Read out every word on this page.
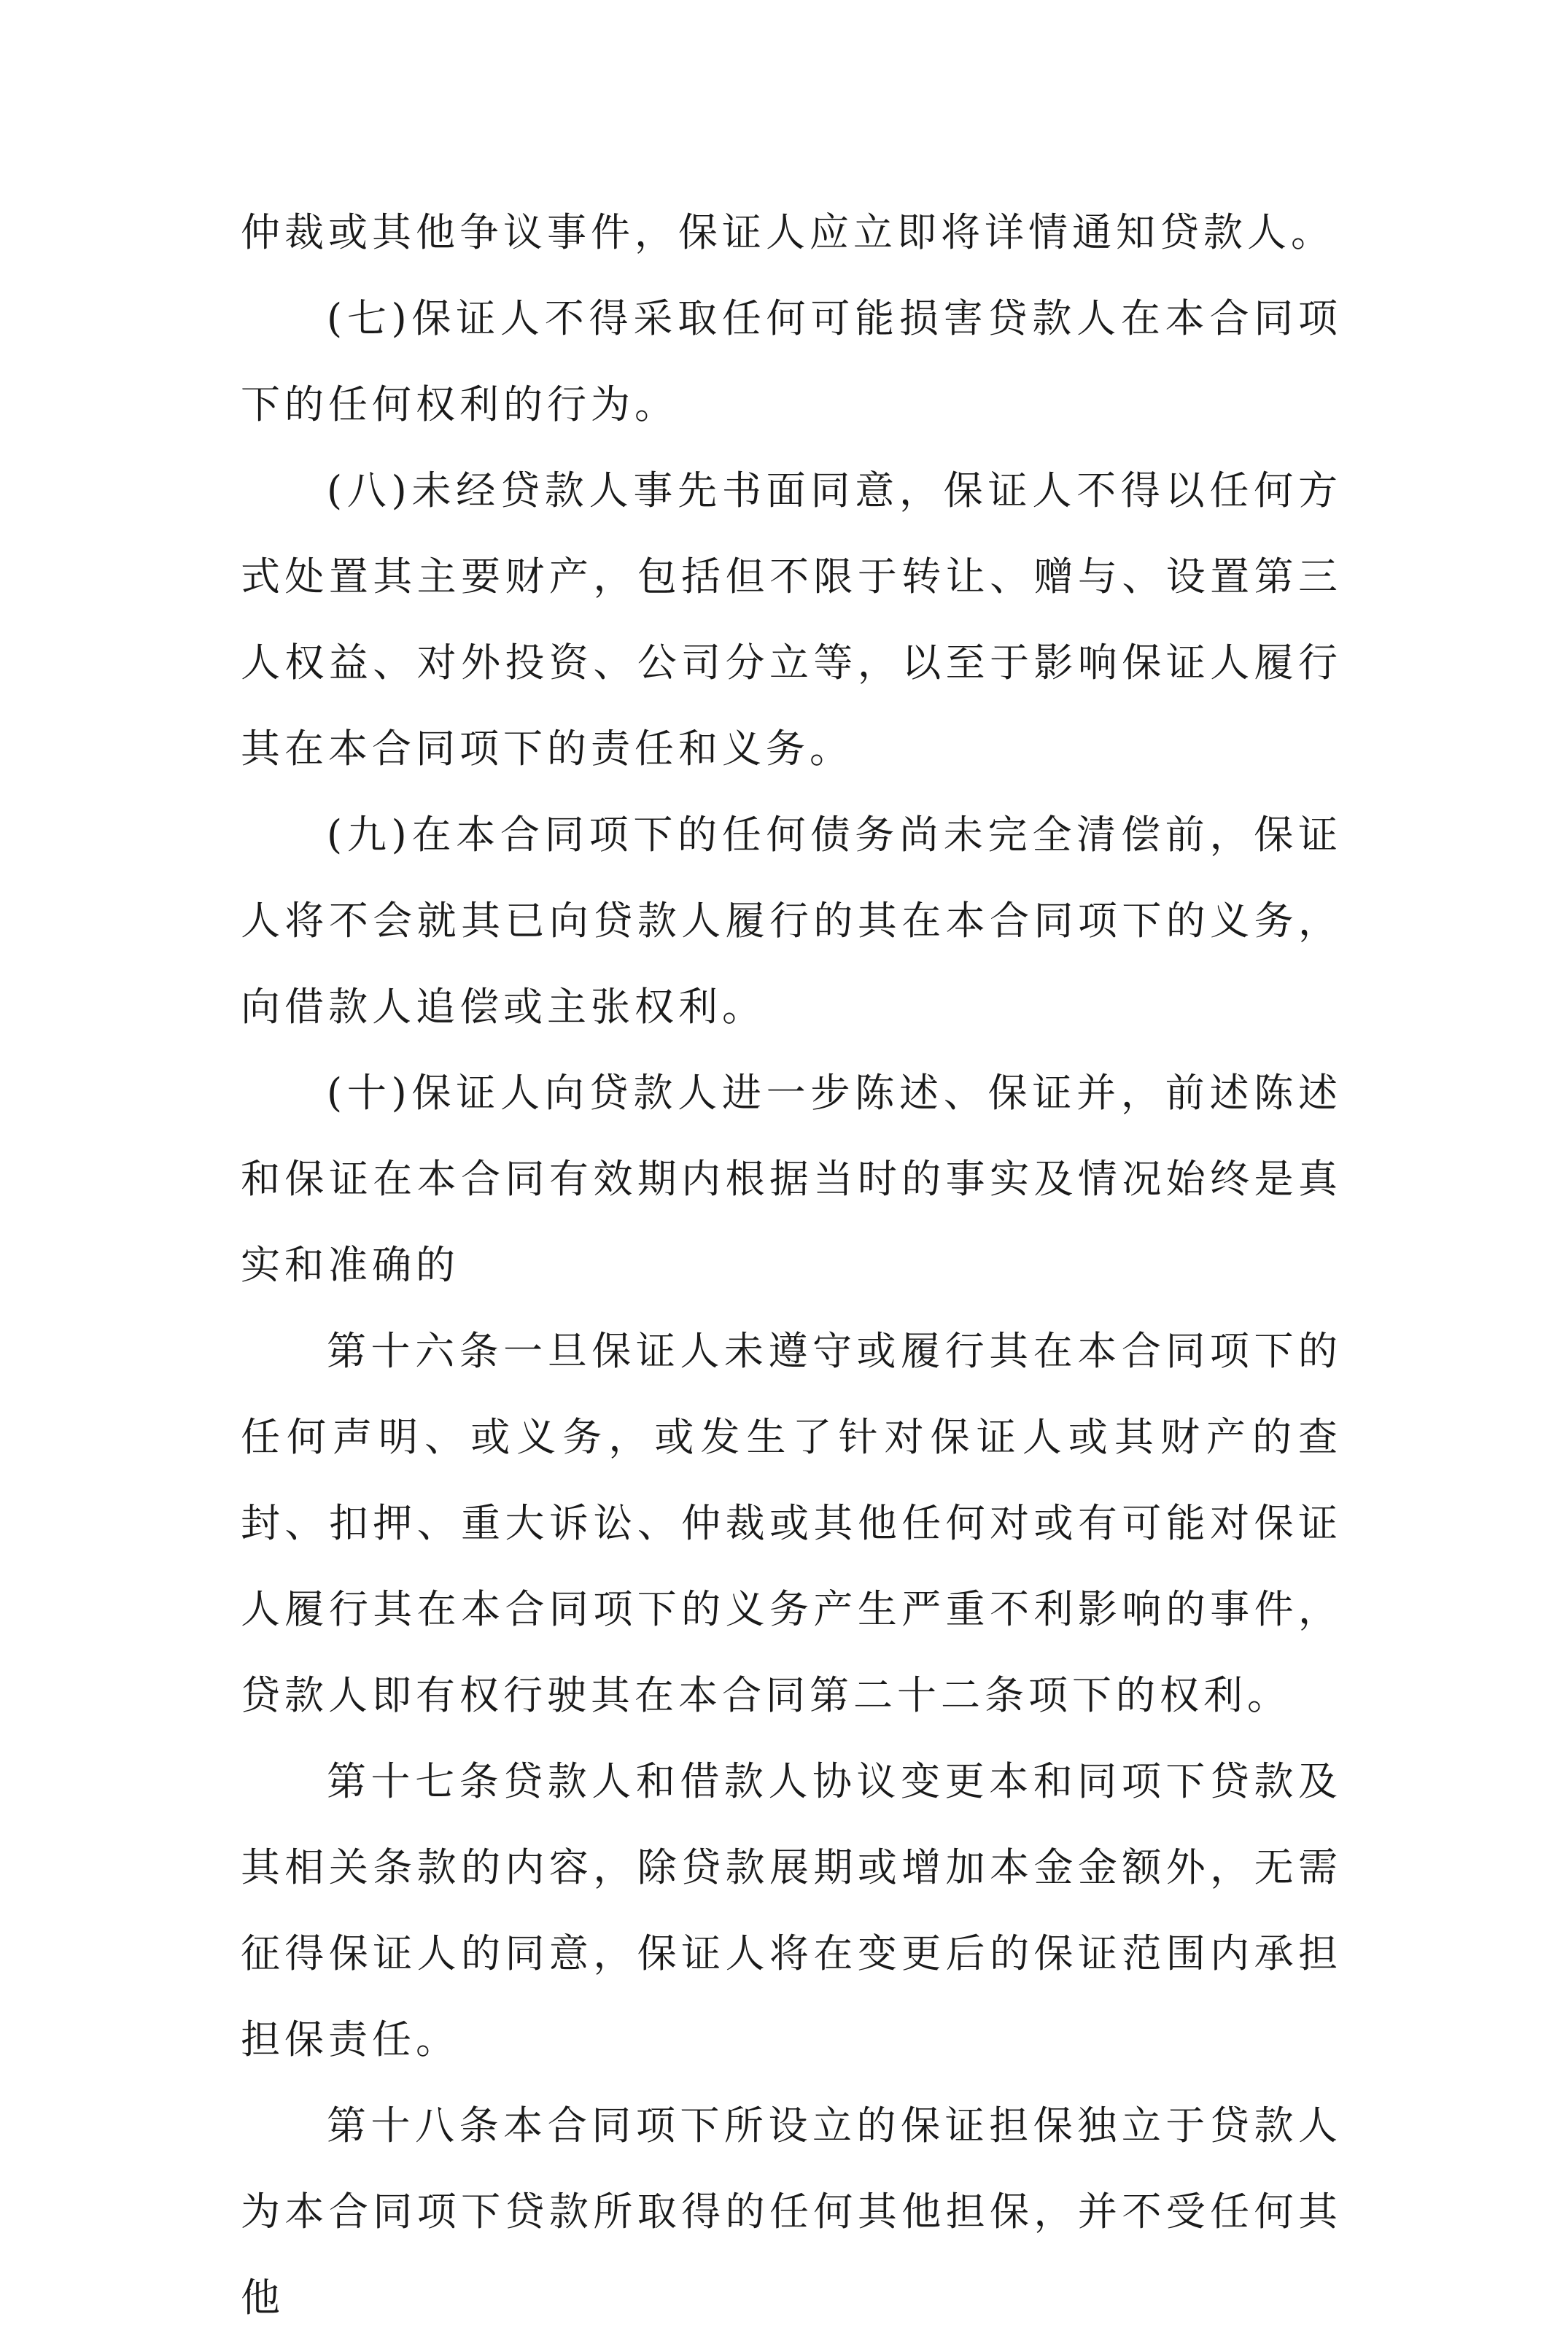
仲裁或其他争议事件，保证人应立即将详情通知贷款人。

(七)保证人不得采取任何可能损害贷款人在本合同项下的任何权利的行为。

(八)未经贷款人事先书面同意，保证人不得以任何方式处置其主要财产，包括但不限于转让、赠与、设置第三人权益、对外投资、公司分立等，以至于影响保证人履行其在本合同项下的责任和义务。

(九)在本合同项下的任何债务尚未完全清偿前，保证人将不会就其已向贷款人履行的其在本合同项下的义务，向借款人追偿或主张权利。

(十)保证人向贷款人进一步陈述、保证并，前述陈述和保证在本合同有效期内根据当时的事实及情况始终是真实和准确的

第十六条一旦保证人未遵守或履行其在本合同项下的任何声明、或义务，或发生了针对保证人或其财产的查封、扣押、重大诉讼、仲裁或其他任何对或有可能对保证人履行其在本合同项下的义务产生严重不利影响的事件，贷款人即有权行驶其在本合同第二十二条项下的权利。

第十七条贷款人和借款人协议变更本和同项下贷款及其相关条款的内容，除贷款展期或增加本金金额外，无需征得保证人的同意，保证人将在变更后的保证范围内承担担保责任。

第十八条本合同项下所设立的保证担保独立于贷款人为本合同项下贷款所取得的任何其他担保，并不受任何其他
